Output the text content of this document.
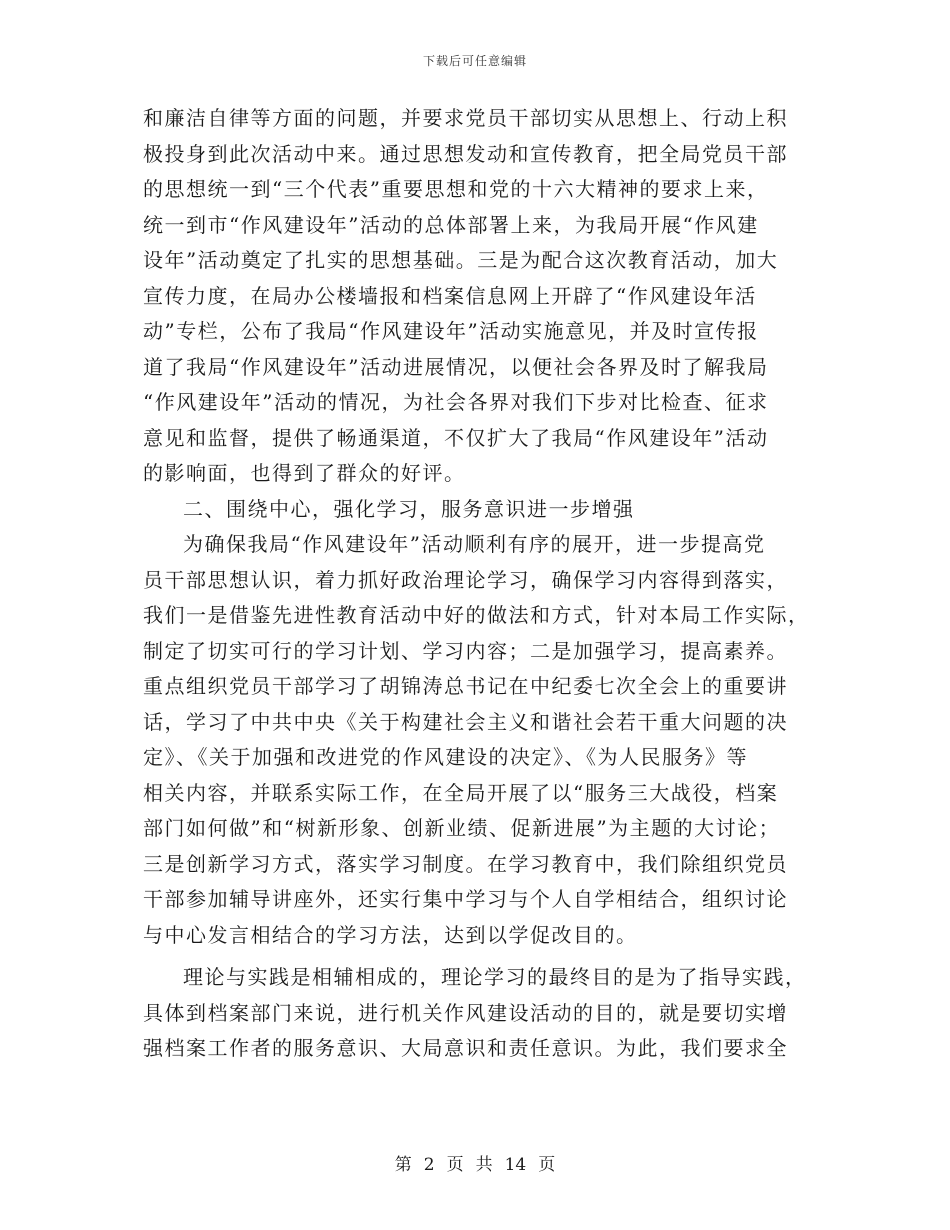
下载后可任意编辑
和廉洁自律等方面的问题，并要求党员干部切实从思想上、行动上积
极投身到此次活动中来。通过思想发动和宣传教育，把全局党员干部
的思想统一到“三个代表”重要思想和党的十六大精神的要求上来，
统一到市“作风建设年”活动的总体部署上来，为我局开展“作风建
设年”活动奠定了扎实的思想基础。三是为配合这次教育活动，加大
宣传力度，在局办公楼墙报和档案信息网上开辟了“作风建设年活
动”专栏，公布了我局“作风建设年”活动实施意见，并及时宣传报
道了我局“作风建设年”活动进展情况，以便社会各界及时了解我局
“作风建设年”活动的情况，为社会各界对我们下步对比检查、征求
意见和监督，提供了畅通渠道，不仅扩大了我局“作风建设年”活动
的影响面，也得到了群众的好评。
二、围绕中心，强化学习，服务意识进一步增强
为确保我局“作风建设年”活动顺利有序的展开，进一步提高党
员干部思想认识，着力抓好政治理论学习，确保学习内容得到落实，
我们一是借鉴先进性教育活动中好的做法和方式，针对本局工作实际，
制定了切实可行的学习计划、学习内容；二是加强学习，提高素养。
重点组织党员干部学习了胡锦涛总书记在中纪委七次全会上的重要讲
话，学习了中共中央《关于构建社会主义和谐社会若干重大问题的决
定》、《关于加强和改进党的作风建设的决定》、《为人民服务》等
相关内容，并联系实际工作，在全局开展了以“服务三大战役，档案
部门如何做”和“树新形象、创新业绩、促新进展”为主题的大讨论；
三是创新学习方式，落实学习制度。在学习教育中，我们除组织党员
干部参加辅导讲座外，还实行集中学习与个人自学相结合，组织讨论
与中心发言相结合的学习方法，达到以学促改目的。
理论与实践是相辅相成的，理论学习的最终目的是为了指导实践，
具体到档案部门来说，进行机关作风建设活动的目的，就是要切实增
强档案工作者的服务意识、大局意识和责任意识。为此，我们要求全
第 2 页 共 14 页
